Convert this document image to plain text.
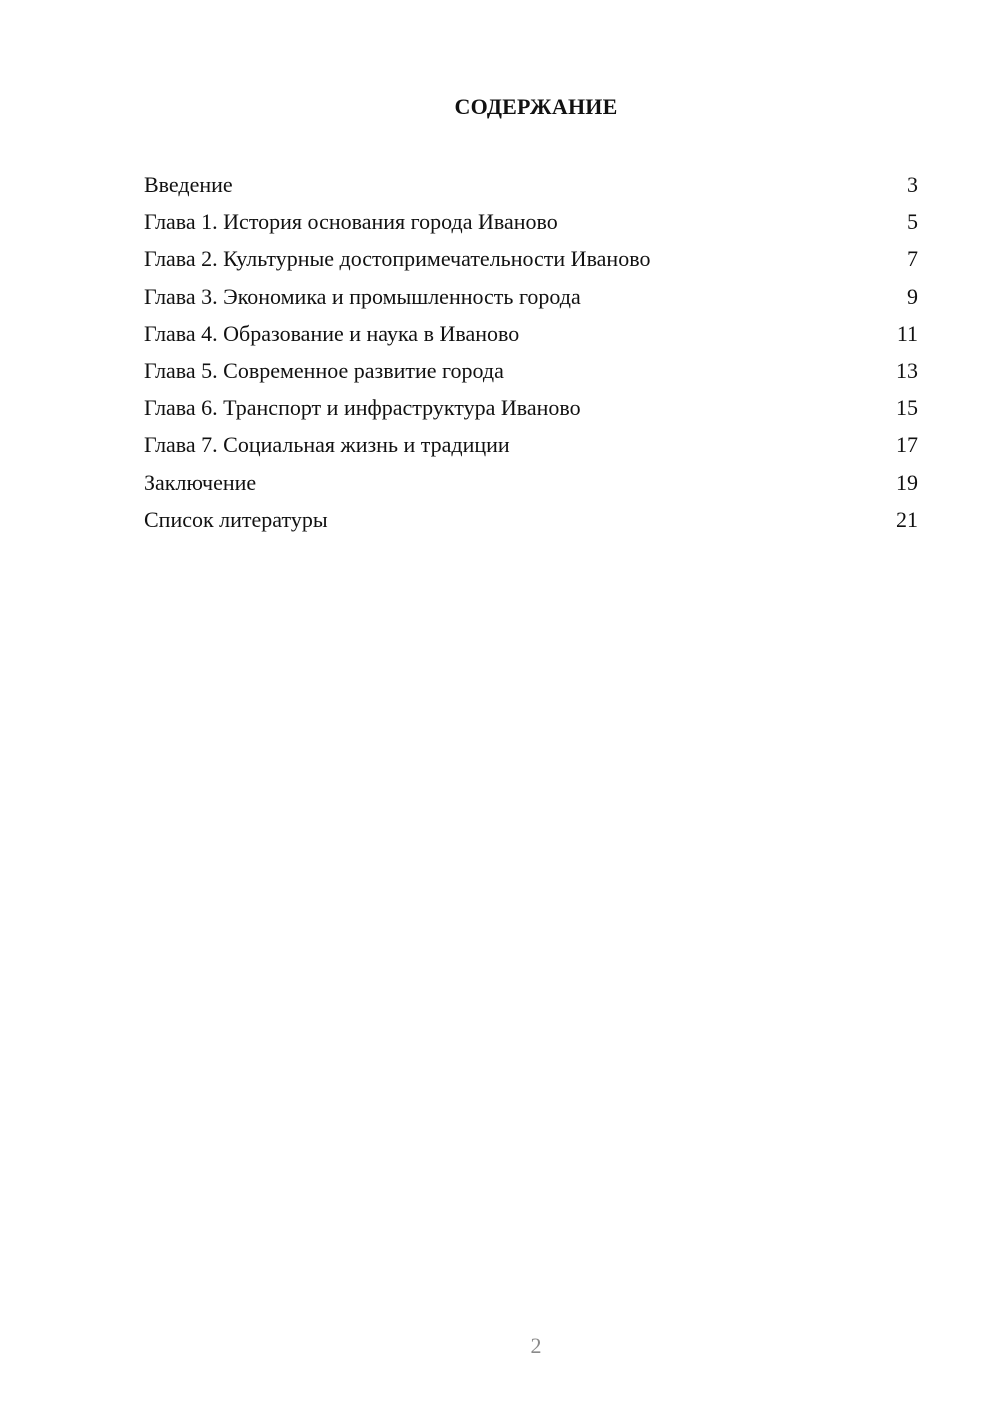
СОДЕРЖАНИЕ
Введение	3
Глава 1. История основания города Иваново	5
Глава 2. Культурные достопримечательности Иваново	7
Глава 3. Экономика и промышленность города	9
Глава 4. Образование и наука в Иваново	11
Глава 5. Современное развитие города	13
Глава 6. Транспорт и инфраструктура Иваново	15
Глава 7. Социальная жизнь и традиции	17
Заключение	19
Список литературы	21
2
